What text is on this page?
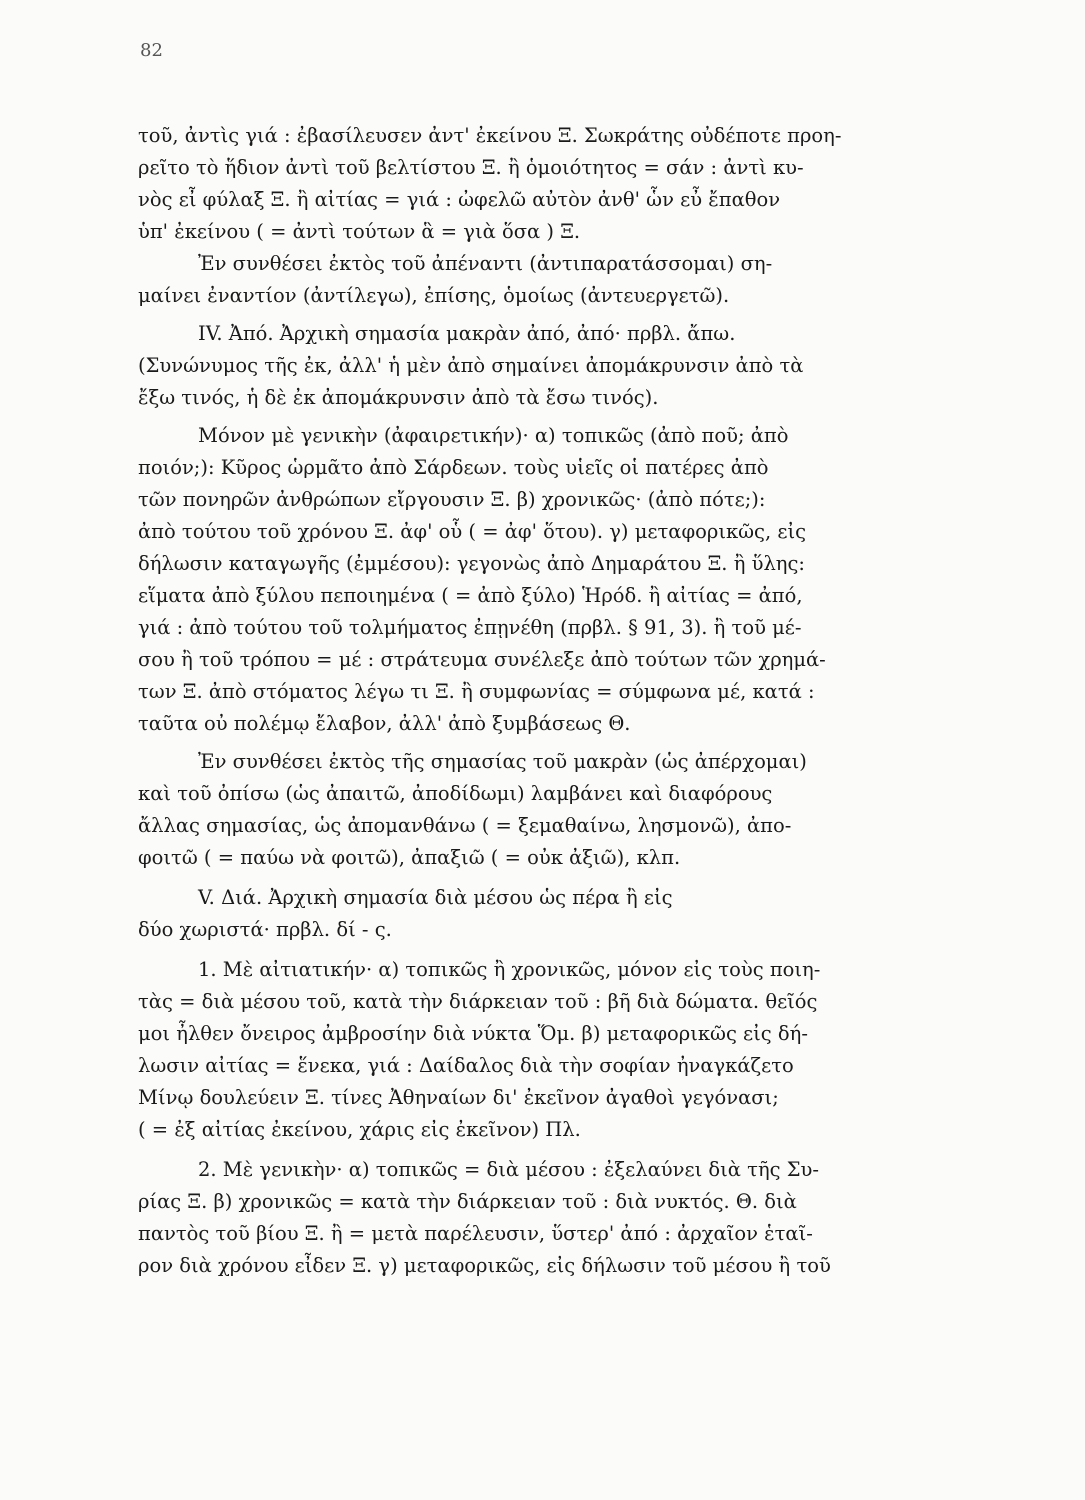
82
τοῦ, ἀντὶς γιά : ἐβασίλευσεν ἀντ' ἐκείνου Ξ. Σωκράτης οὐδέποτε προη-
ρεῖτο τὸ ἥδιον ἀντὶ τοῦ βελτίστου Ξ. ἢ ὁμοιότητος = σάν : ἀντὶ κυ-
νὸς εἶ φύλαξ Ξ. ἢ αἰτίας = γιά : ὠφελῶ αὐτὸν ἀνθ' ὧν εὖ ἔπαθον
ὑπ' ἐκείνου ( = ἀντὶ τούτων ἃ = γιὰ ὅσα ) Ξ.
Ἐν συνθέσει ἐκτὸς τοῦ ἀπέναντι (ἀντιπαρατάσσομαι) ση-
μαίνει ἐναντίον (ἀντίλεγω), ἐπίσης, ὁμοίως (ἀντευεργετῶ).
IV. Ἀπό. Ἀρχικὴ σημασία μακρὰν ἀπό, ἀπό· πρβλ. ἄπω.
(Συνώνυμος τῆς ἐκ, ἀλλ' ἡ μὲν ἀπὸ σημαίνει ἀπομάκρυνσιν ἀπὸ τὰ
ἔξω τινός, ἡ δὲ ἐκ ἀπομάκρυνσιν ἀπὸ τὰ ἔσω τινός).
Μόνον μὲ γενικὴν (ἀφαιρετικήν)· α) τοπικῶς (ἀπὸ ποῦ; ἀπὸ
ποιόν;): Κῦρος ὡρμᾶτο ἀπὸ Σάρδεων. τοὺς υἱεῖς οἱ πατέρες ἀπὸ
τῶν πονηρῶν ἀνθρώπων εἴργουσιν Ξ. β) χρονικῶς· (ἀπὸ πότε;):
ἀπὸ τούτου τοῦ χρόνου Ξ. ἀφ' οὗ ( = ἀφ' ὅτου). γ) μεταφορικῶς, εἰς
δήλωσιν καταγωγῆς (ἐμμέσου): γεγονὼς ἀπὸ Δημαράτου Ξ. ἢ ὕλης:
εἵματα ἀπὸ ξύλου πεποιημένα ( = ἀπὸ ξύλο) Ἡρόδ. ἢ αἰτίας = ἀπό,
γιά : ἀπὸ τούτου τοῦ τολμήματος ἐπῃνέθη (πρβλ. § 91, 3). ἢ τοῦ μέ-
σου ἢ τοῦ τρόπου = μέ : στράτευμα συνέλεξε ἀπὸ τούτων τῶν χρημά-
των Ξ. ἀπὸ στόματος λέγω τι Ξ. ἢ συμφωνίας = σύμφωνα μέ, κατά :
ταῦτα οὐ πολέμῳ ἔλαβον, ἀλλ' ἀπὸ ξυμβάσεως Θ.
Ἐν συνθέσει ἐκτὸς τῆς σημασίας τοῦ μακρὰν (ὡς ἀπέρχομαι)
καὶ τοῦ ὀπίσω (ὡς ἀπαιτῶ, ἀποδίδωμι) λαμβάνει καὶ διαφόρους
ἄλλας σημασίας, ὡς ἀπομανθάνω ( = ξεμαθαίνω, λησμονῶ), ἀπο-
φοιτῶ ( = παύω νὰ φοιτῶ), ἀπαξιῶ ( = οὐκ ἀξιῶ), κλπ.
V. Διά. Ἀρχικὴ σημασία διὰ μέσου ὡς πέρα ἢ εἰς
δύο χωριστά· πρβλ. δί - ς.
1. Μὲ αἰτιατικήν· α) τοπικῶς ἢ χρονικῶς, μόνον εἰς τοὺς ποιη-
τὰς = διὰ μέσου τοῦ, κατὰ τὴν διάρκειαν τοῦ : βῆ διὰ δώματα. θεῖός
μοι ἦλθεν ὄνειρος ἀμβροσίην διὰ νύκτα Ὅμ. β) μεταφορικῶς εἰς δή-
λωσιν αἰτίας = ἕνεκα, γιά : Δαίδαλος διὰ τὴν σοφίαν ἠναγκάζετο
Μίνῳ δουλεύειν Ξ. τίνες Ἀθηναίων δι' ἐκεῖνον ἀγαθοὶ γεγόνασι;
( = ἐξ αἰτίας ἐκείνου, χάρις εἰς ἐκεῖνον) Πλ.
2. Μὲ γενικὴν· α) τοπικῶς = διὰ μέσου : ἐξελαύνει διὰ τῆς Συ-
ρίας Ξ. β) χρονικῶς = κατὰ τὴν διάρκειαν τοῦ : διὰ νυκτός. Θ. διὰ
παντὸς τοῦ βίου Ξ. ἢ = μετὰ παρέλευσιν, ὕστερ' ἀπό : ἀρχαῖον ἑταῖ-
ρον διὰ χρόνου εἶδεν Ξ. γ) μεταφορικῶς, εἰς δήλωσιν τοῦ μέσου ἢ τοῦ
